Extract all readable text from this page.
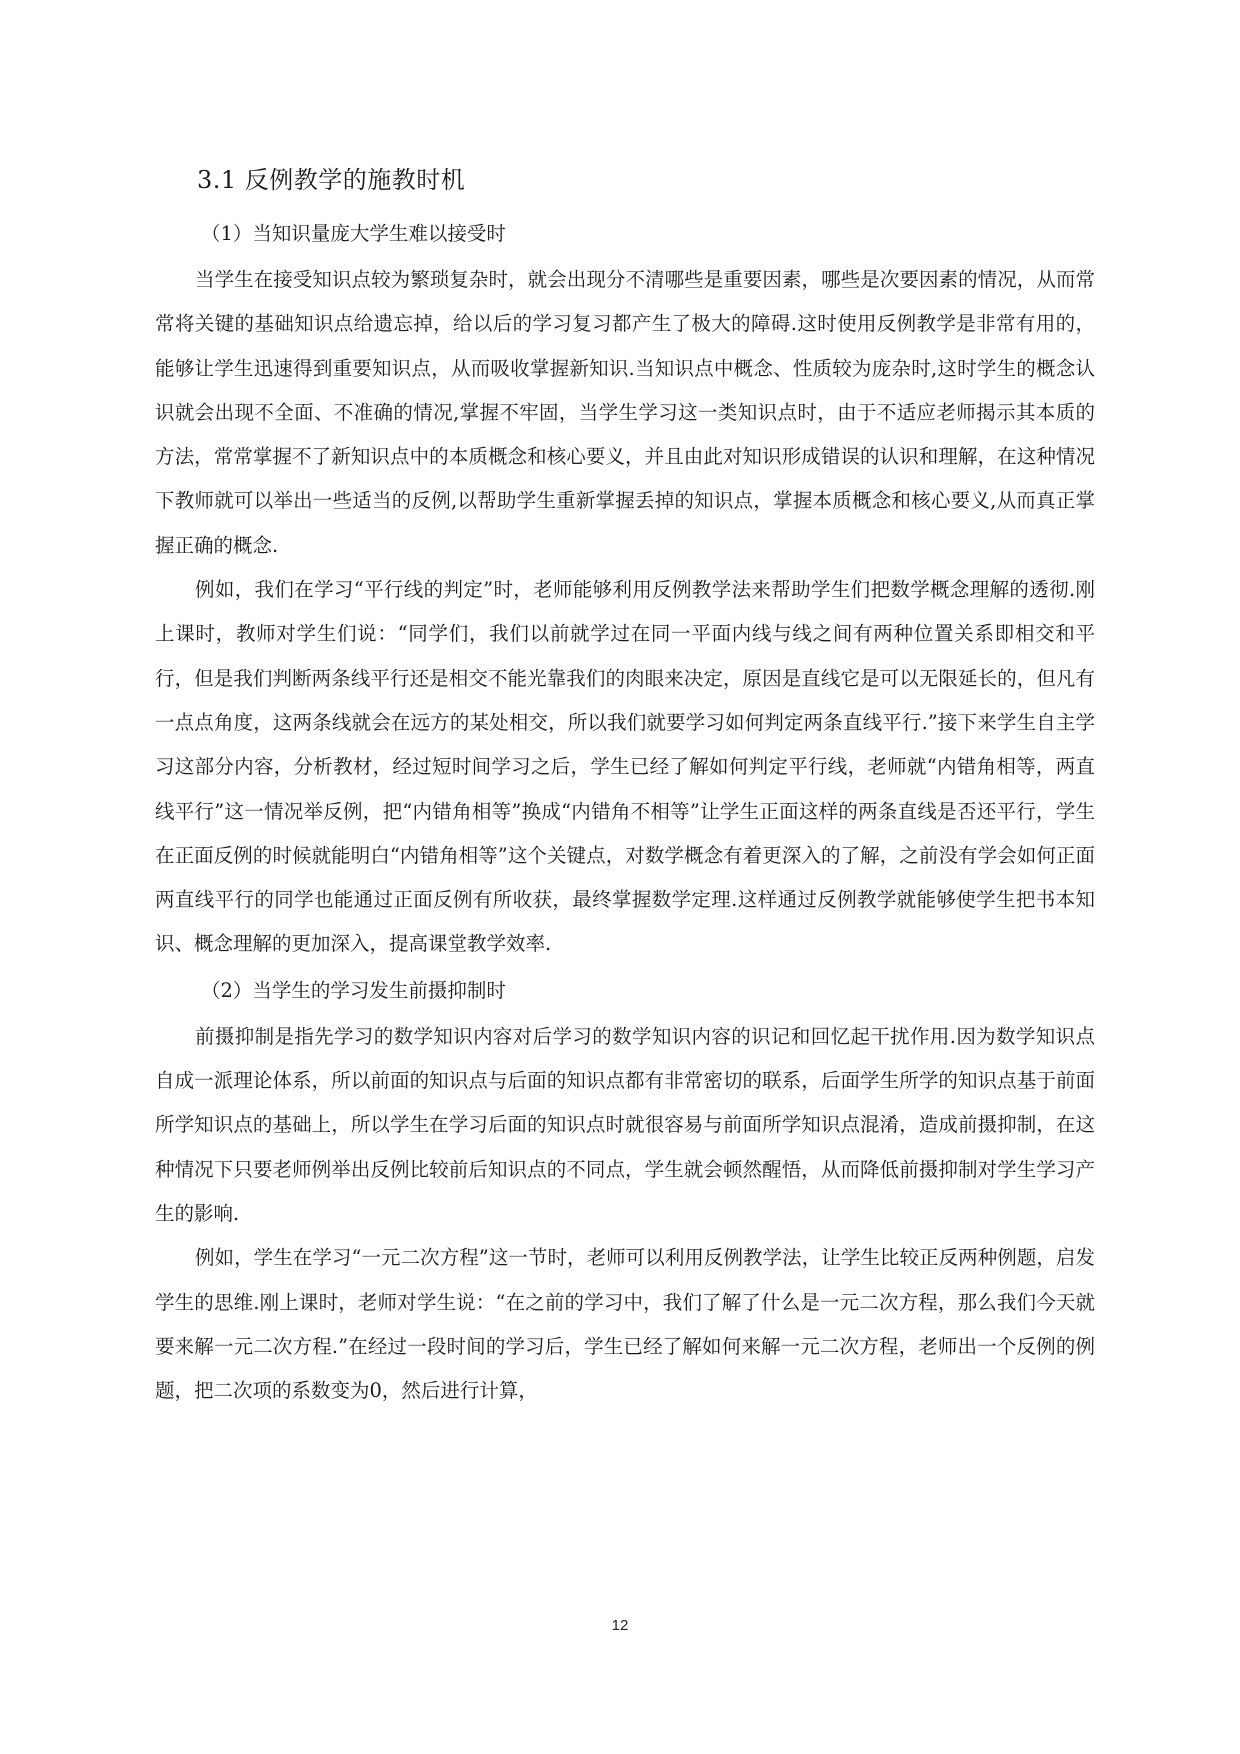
3.1 反例教学的施教时机
（1）当知识量庞大学生难以接受时

当学生在接受知识点较为繁琐复杂时，就会出现分不清哪些是重要因素，哪些是次要因素的情况，从而常常将关键的基础知识点给遗忘掉，给以后的学习复习都产生了极大的障碍.这时使用反例教学是非常有用的，能够让学生迅速得到重要知识点，从而吸收掌握新知识.当知识点中概念、性质较为庞杂时,这时学生的概念认识就会出现不全面、不准确的情况,掌握不牢固，当学生学习这一类知识点时，由于不适应老师揭示其本质的方法，常常掌握不了新知识点中的本质概念和核心要义，并且由此对知识形成错误的认识和理解，在这种情况下教师就可以举出一些适当的反例,以帮助学生重新掌握丢掉的知识点，掌握本质概念和核心要义,从而真正掌握正确的概念.

例如，我们在学习“平行线的判定”时，老师能够利用反例教学法来帮助学生们把数学概念理解的透彻.刚上课时，教师对学生们说：“同学们，我们以前就学过在同一平面内线与线之间有两种位置关系即相交和平行，但是我们判断两条线平行还是相交不能光靠我们的肉眼来决定，原因是直线它是可以无限延长的，但凡有一点点角度，这两条线就会在远方的某处相交，所以我们就要学习如何判定两条直线平行.”接下来学生自主学习这部分内容，分析教材，经过短时间学习之后，学生已经了解如何判定平行线，老师就“内错角相等，两直线平行”这一情况举反例，把“内错角相等”换成“内错角不相等”让学生正面这样的两条直线是否还平行，学生在正面反例的时候就能明白“内错角相等”这个关键点，对数学概念有着更深入的了解，之前没有学会如何正面两直线平行的同学也能通过正面反例有所收获，最终掌握数学定理.这样通过反例教学就能够使学生把书本知识、概念理解的更加深入，提高课堂教学效率.

（2）当学生的学习发生前摄抑制时

前摄抑制是指先学习的数学知识内容对后学习的数学知识内容的识记和回忆起干扰作用.因为数学知识点自成一派理论体系，所以前面的知识点与后面的知识点都有非常密切的联系，后面学生所学的知识点基于前面所学知识点的基础上，所以学生在学习后面的知识点时就很容易与前面所学知识点混淆，造成前摄抑制，在这种情况下只要老师例举出反例比较前后知识点的不同点，学生就会顿然醒悟，从而降低前摄抑制对学生学习产生的影响.

例如，学生在学习“一元二次方程”这一节时，老师可以利用反例教学法，让学生比较正反两种例题，启发学生的思维.刚上课时，老师对学生说：“在之前的学习中，我们了解了什么是一元二次方程，那么我们今天就要来解一元二次方程.”在经过一段时间的学习后，学生已经了解如何来解一元二次方程，老师出一个反例的例题，把二次项的系数变为0，然后进行计算，

12
